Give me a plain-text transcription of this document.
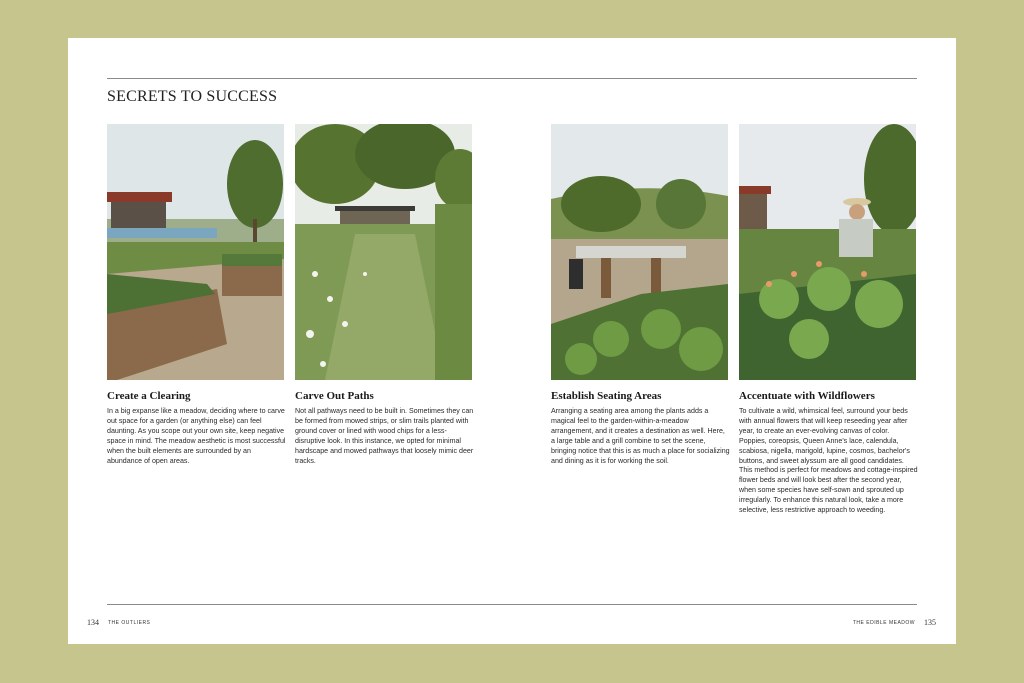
SECRETS TO SUCCESS
Create a Clearing

In a big expanse like a meadow, deciding where to carve out space for a garden (or anything else) can feel daunting. As you scope out your own site, keep negative space in mind. The meadow aesthetic is most successful when the built elements are surrounded by an abundance of open areas.

Carve Out Paths

Not all pathways need to be built in. Sometimes they can be formed from mowed strips, or slim trails planted with ground cover or lined with wood chips for a less-disruptive look. In this instance, we opted for minimal hardscape and mowed pathways that loosely mimic deer tracks.

Establish Seating Areas

Arranging a seating area among the plants adds a magical feel to the garden-within-a-meadow arrangement, and it creates a destination as well. Here, a large table and a grill combine to set the scene, bringing notice that this is as much a place for socializing and dining as it is for working the soil.

Accentuate with Wildflowers

To cultivate a wild, whimsical feel, surround your beds with annual flowers that will keep reseeding year after year, to create an ever-evolving canvas of color. Poppies, coreopsis, Queen Anne's lace, calendula, scabiosa, nigella, marigold, lupine, cosmos, bachelor's buttons, and sweet alyssum are all good candidates. This method is perfect for meadows and cottage-inspired flower beds and will look best after the second year, when some species have self-sown and sprouted up irregularly. To enhance this natural look, take a more selective, less restrictive approach to weeding.

134 THE OUTLIERS	THE EDIBLE MEADOW 135
